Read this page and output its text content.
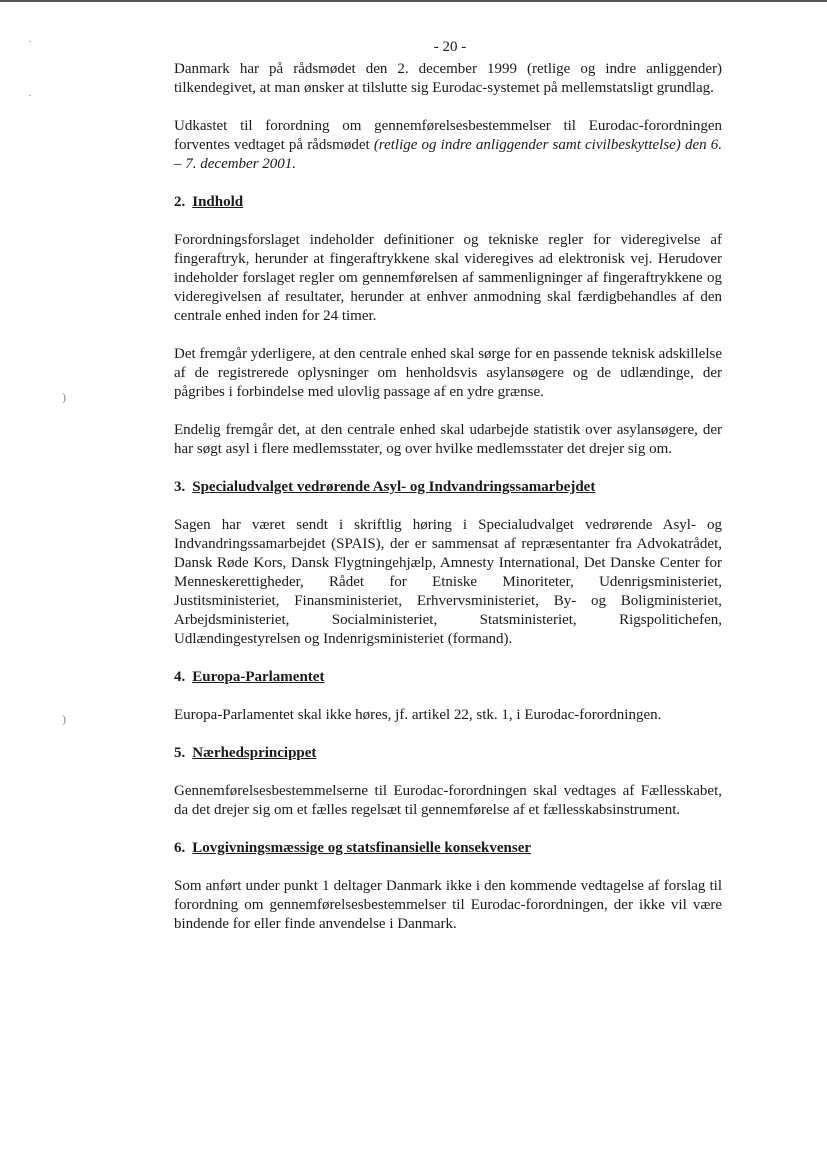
·
·
)
)
- 20 -

Danmark har på rådsmødet den 2. december 1999 (retlige og indre anliggender) tilkendegivet, at man ønsker at tilslutte sig Eurodac-systemet på mellemstatsligt grundlag.

Udkastet til forordning om gennemførelsesbestemmelser til Eurodac-forordningen forventes vedtaget på rådsmødet (retlige og indre anliggender samt civilbeskyttelse) den 6. – 7. december 2001.

2. Indhold

Forordningsforslaget indeholder definitioner og tekniske regler for videregivelse af fingeraftryk, herunder at fingeraftrykkene skal videregives ad elektronisk vej. Herudover indeholder forslaget regler om gennemførelsen af sammenligninger af fingeraftrykkene og videregivelsen af resultater, herunder at enhver anmodning skal færdigbehandles af den centrale enhed inden for 24 timer.

Det fremgår yderligere, at den centrale enhed skal sørge for en passende teknisk adskillelse af de registrerede oplysninger om henholdsvis asylansøgere og de udlændinge, der pågribes i forbindelse med ulovlig passage af en ydre grænse.

Endelig fremgår det, at den centrale enhed skal udarbejde statistik over asylansøgere, der har søgt asyl i flere medlemsstater, og over hvilke medlemsstater det drejer sig om.

3. Specialudvalget vedrørende Asyl- og Indvandringssamarbejdet

Sagen har været sendt i skriftlig høring i Specialudvalget vedrørende Asyl- og Indvandringssamarbejdet (SPAIS), der er sammensat af repræsentanter fra Advokatrådet, Dansk Røde Kors, Dansk Flygtningehjælp, Amnesty International, Det Danske Center for Menneskerettigheder, Rådet for Etniske Minoriteter, Udenrigsministeriet, Justitsministeriet, Finansministeriet, Erhvervsministeriet, By- og Boligministeriet, Arbejdsministeriet, Socialministeriet, Statsministeriet, Rigspolitichefen, Udlændingestyrelsen og Indenrigsministeriet (formand).

4. Europa-Parlamentet

Europa-Parlamentet skal ikke høres, jf. artikel 22, stk. 1, i Eurodac-forordningen.

5. Nærhedsprincippet

Gennemførelsesbestemmelserne til Eurodac-forordningen skal vedtages af Fællesskabet, da det drejer sig om et fælles regelsæt til gennemførelse af et fællesskabsinstrument.

6. Lovgivningsmæssige og statsfinansielle konsekvenser

Som anført under punkt 1 deltager Danmark ikke i den kommende vedtagelse af forslag til forordning om gennemførelsesbestemmelser til Eurodac-forordningen, der ikke vil være bindende for eller finde anvendelse i Danmark.
